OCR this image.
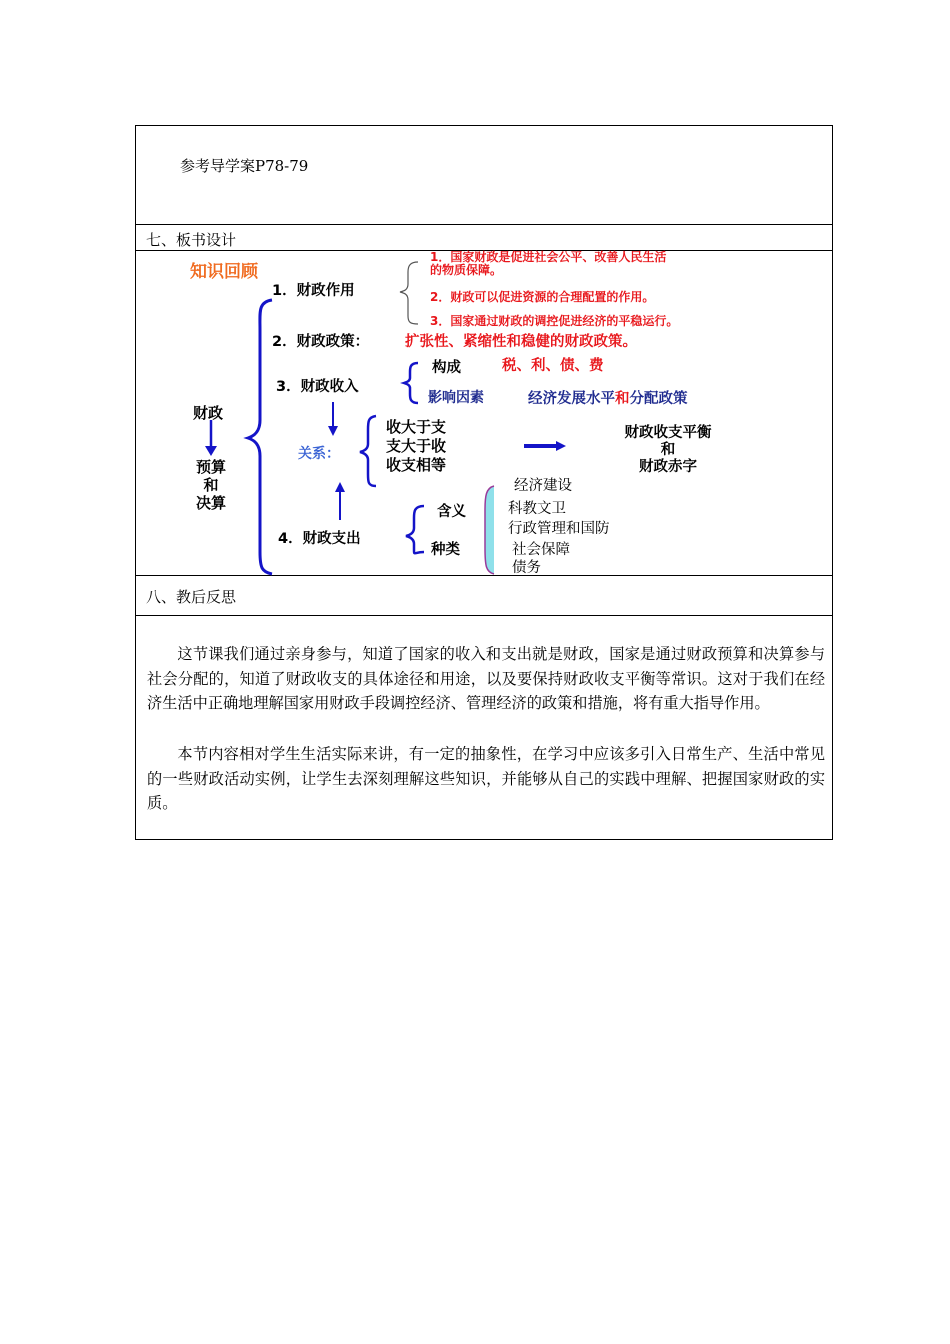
参考导学案P78-79
七、板书设计
八、教后反思
知识回顾
财政
预算
和
决算
1．财政作用
1．国家财政是促进社会公平、改善人民生活
的物质保障。
2．财政可以促进资源的合理配置的作用。
3．国家通过财政的调控促进经济的平稳运行。
2．财政政策： 扩张性、紧缩性和稳健的财政政策。
3．财政收入
构成	税、利、债、费
影响因素	经济发展水平和分配政策
关系：
收大于支
支大于收
收支相等
财政收支平衡
和
财政赤字
4．财政支出
含义
种类
经济建设
科教文卫
行政管理和国防
社会保障
债务

这节课我们通过亲身参与，知道了国家的收入和支出就是财政，国家是通过财政预算和决算参与社会分配的，知道了财政收支的具体途径和用途，以及要保持财政收支平衡等常识。这对于我们在经济生活中正确地理解国家用财政手段调控经济、管理经济的政策和措施，将有重大指导作用。

本节内容相对学生生活实际来讲，有一定的抽象性，在学习中应该多引入日常生产、生活中常见的一些财政活动实例，让学生去深刻理解这些知识，并能够从自己的实践中理解、把握国家财政的实质。
